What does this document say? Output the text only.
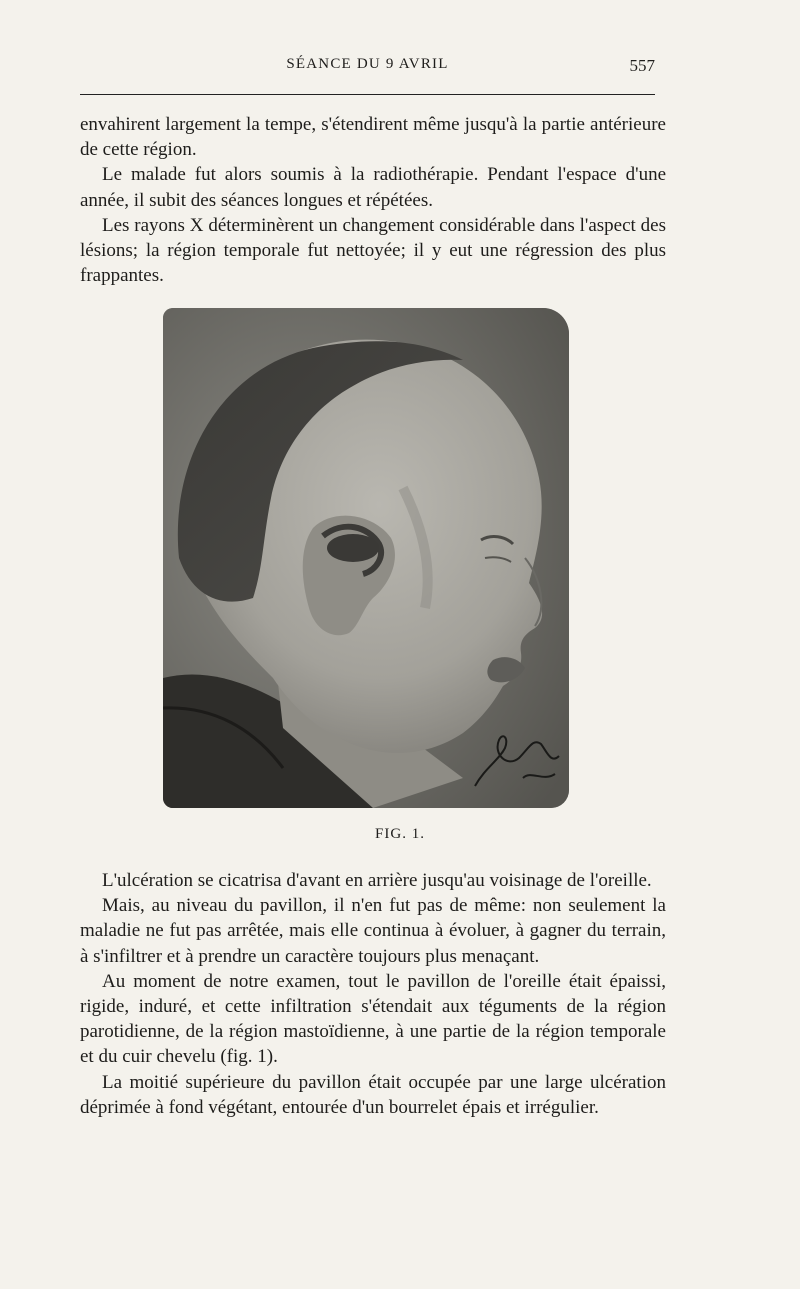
SÉANCE DU 9 AVRIL	557

envahirent largement la tempe, s'étendirent même jusqu'à la partie antérieure de cette région.

Le malade fut alors soumis à la radiothérapie. Pendant l'espace d'une année, il subit des séances longues et répétées.

Les rayons X déterminèrent un changement considérable dans l'aspect des lésions; la région temporale fut nettoyée; il y eut une régression des plus frappantes.

FIG. 1.

L'ulcération se cicatrisa d'avant en arrière jusqu'au voisinage de l'oreille.

Mais, au niveau du pavillon, il n'en fut pas de même: non seulement la maladie ne fut pas arrêtée, mais elle continua à évoluer, à gagner du terrain, à s'infiltrer et à prendre un caractère toujours plus menaçant.

Au moment de notre examen, tout le pavillon de l'oreille était épaissi, rigide, induré, et cette infiltration s'étendait aux téguments de la région parotidienne, de la région mastoïdienne, à une partie de la région temporale et du cuir chevelu (fig. 1).

La moitié supérieure du pavillon était occupée par une large ulcération déprimée à fond végétant, entourée d'un bourrelet épais et irrégulier.
